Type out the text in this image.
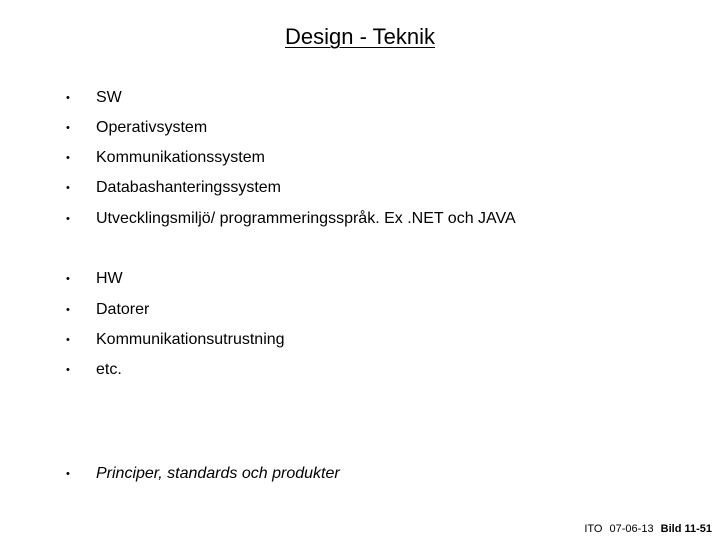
Design - Teknik
• SW
• Operativsystem
• Kommunikationssystem
• Databashanteringssystem
• Utvecklingsmiljö/ programmeringsspråk. Ex .NET och JAVA
• HW
• Datorer
• Kommunikationsutrustning
• etc.
• Principer, standards och produkter
ITO 07-06-13 Bild 11-51
